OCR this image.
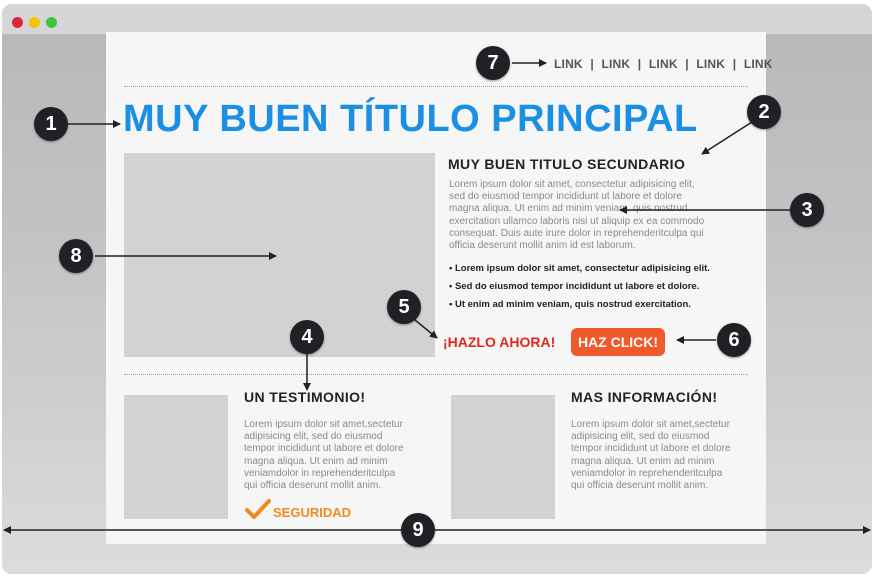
LINK | LINK | LINK | LINK | LINK
MUY BUEN TÍTULO PRINCIPAL
MUY BUEN TITULO SECUNDARIO
Lorem ipsum dolor sit amet, consectetur adipisicing elit,
sed do eiusmod tempor incididunt ut labore et dolore
magna aliqua. Ut enim ad minim veniam, quis nostrud
exercitation ullamco laboris nisi ut aliquip ex ea commodo
consequat. Duis aute irure dolor in reprehenderitculpa qui
officia deserunt mollit anim id est laborum.
• Lorem ipsum dolor sit amet, consectetur adipisicing elit.
• Sed do eiusmod tempor incididunt ut labore et dolore.
• Ut enim ad minim veniam, quis nostrud exercitation.
¡HAZLO AHORA!	HAZ CLICK!
UN TESTIMONIO!
Lorem ipsum dolor sit amet,sectetur
adipisicing elit, sed do eiusmod
tempor incididunt ut labore et dolore
magna aliqua. Ut enim ad minim
veniamdolor in reprehenderitculpa
qui officia deserunt mollit anim.
SEGURIDAD
MAS INFORMACIÓN!
Lorem ipsum dolor sit amet,sectetur
adipisicing elit, sed do eiusmod
tempor incididunt ut labore et dolore
magna aliqua. Ut enim ad minim
veniamdolor in reprehenderitculpa
qui officia deserunt mollit anim.
1
2
3
4
5
6
7
8
9
